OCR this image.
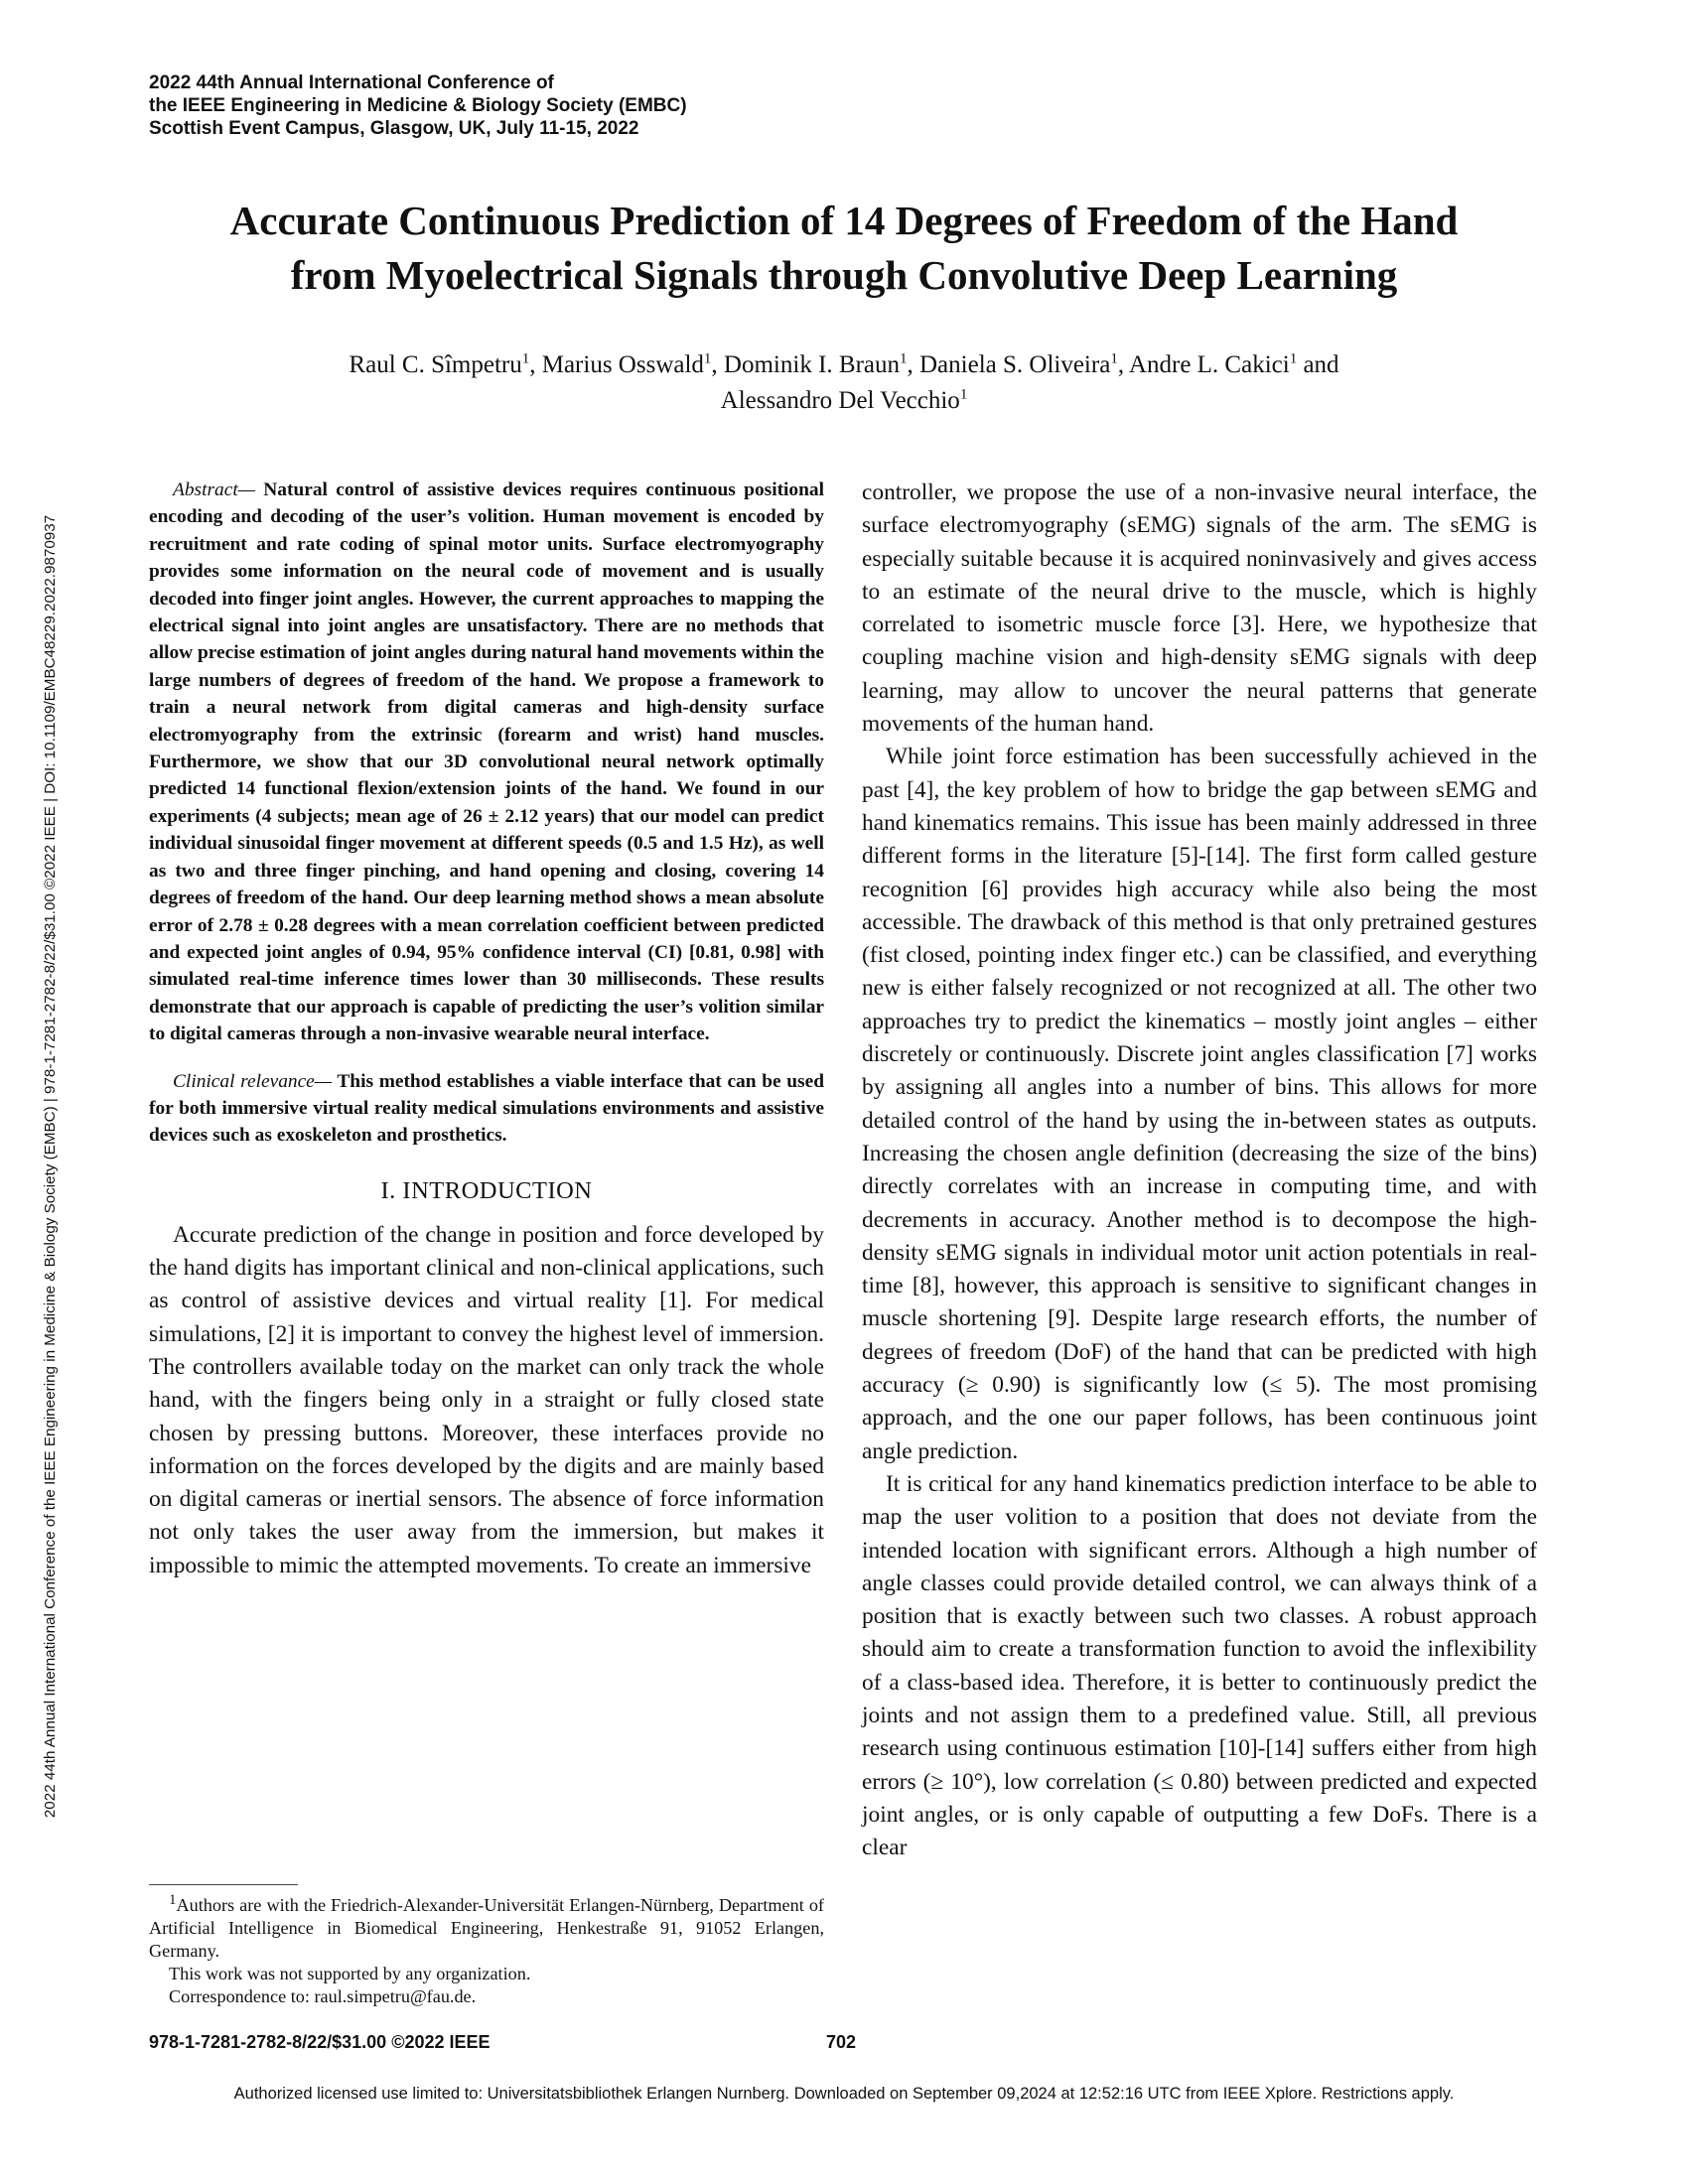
2022 44th Annual International Conference of
the IEEE Engineering in Medicine & Biology Society (EMBC)
Scottish Event Campus, Glasgow, UK, July 11-15, 2022
2022 44th Annual International Conference of the IEEE Engineering in Medicine & Biology Society (EMBC) | 978-1-7281-2782-8/22/$31.00 ©2022 IEEE | DOI: 10.1109/EMBC48229.2022.9870937
Accurate Continuous Prediction of 14 Degrees of Freedom of the Hand
from Myoelectrical Signals through Convolutive Deep Learning
Raul C. Sîmpetru$^1$, Marius Osswald$^1$, Dominik I. Braun$^1$, Daniela S. Oliveira$^1$, Andre L. Cakici$^1$ and
Alessandro Del Vecchio$^1$

Abstract— Natural control of assistive devices requires continuous positional encoding and decoding of the user’s volition. Human movement is encoded by recruitment and rate coding of spinal motor units. Surface electromyography provides some information on the neural code of movement and is usually decoded into finger joint angles. However, the current approaches to mapping the electrical signal into joint angles are unsatisfactory. There are no methods that allow precise estimation of joint angles during natural hand movements within the large numbers of degrees of freedom of the hand. We propose a framework to train a neural network from digital cameras and high-density surface electromyography from the extrinsic (forearm and wrist) hand muscles. Furthermore, we show that our 3D convolutional neural network optimally predicted 14 functional flexion/extension joints of the hand. We found in our experiments (4 subjects; mean age of 26 ± 2.12 years) that our model can predict individual sinusoidal finger movement at different speeds (0.5 and 1.5 Hz), as well as two and three finger pinching, and hand opening and closing, covering 14 degrees of freedom of the hand. Our deep learning method shows a mean absolute error of 2.78 ± 0.28 degrees with a mean correlation coefficient between predicted and expected joint angles of 0.94, 95% confidence interval (CI) [0.81, 0.98] with simulated real-time inference times lower than 30 milliseconds. These results demonstrate that our approach is capable of predicting the user’s volition similar to digital cameras through a non-invasive wearable neural interface.

Clinical relevance— This method establishes a viable interface that can be used for both immersive virtual reality medical simulations environments and assistive devices such as exoskeleton and prosthetics.

I. INTRODUCTION

Accurate prediction of the change in position and force developed by the hand digits has important clinical and non-clinical applications, such as control of assistive devices and virtual reality [1]. For medical simulations, [2] it is important to convey the highest level of immersion. The controllers available today on the market can only track the whole hand, with the fingers being only in a straight or fully closed state chosen by pressing buttons. Moreover, these interfaces provide no information on the forces developed by the digits and are mainly based on digital cameras or inertial sensors. The absence of force information not only takes the user away from the immersion, but makes it impossible to mimic the attempted movements. To create an immersive

controller, we propose the use of a non-invasive neural interface, the surface electromyography (sEMG) signals of the arm. The sEMG is especially suitable because it is acquired noninvasively and gives access to an estimate of the neural drive to the muscle, which is highly correlated to isometric muscle force [3]. Here, we hypothesize that coupling machine vision and high-density sEMG signals with deep learning, may allow to uncover the neural patterns that generate movements of the human hand.

While joint force estimation has been successfully achieved in the past [4], the key problem of how to bridge the gap between sEMG and hand kinematics remains. This issue has been mainly addressed in three different forms in the literature [5]-[14]. The first form called gesture recognition [6] provides high accuracy while also being the most accessible. The drawback of this method is that only pretrained gestures (fist closed, pointing index finger etc.) can be classified, and everything new is either falsely recognized or not recognized at all. The other two approaches try to predict the kinematics – mostly joint angles – either discretely or continuously. Discrete joint angles classification [7] works by assigning all angles into a number of bins. This allows for more detailed control of the hand by using the in-between states as outputs. Increasing the chosen angle definition (decreasing the size of the bins) directly correlates with an increase in computing time, and with decrements in accuracy. Another method is to decompose the high-density sEMG signals in individual motor unit action potentials in real-time [8], however, this approach is sensitive to significant changes in muscle shortening [9]. Despite large research efforts, the number of degrees of freedom (DoF) of the hand that can be predicted with high accuracy (≥ 0.90) is significantly low (≤ 5). The most promising approach, and the one our paper follows, has been continuous joint angle prediction.

It is critical for any hand kinematics prediction interface to be able to map the user volition to a position that does not deviate from the intended location with significant errors. Although a high number of angle classes could provide detailed control, we can always think of a position that is exactly between such two classes. A robust approach should aim to create a transformation function to avoid the inflexibility of a class-based idea. Therefore, it is better to continuously predict the joints and not assign them to a predefined value. Still, all previous research using continuous estimation [10]-[14] suffers either from high errors (≥ 10°), low correlation (≤ 0.80) between predicted and expected joint angles, or is only capable of outputting a few DoFs. There is a clear

$^1$Authors are with the Friedrich-Alexander-Universität Erlangen-Nürnberg, Department of Artificial Intelligence in Biomedical Engineering, Henkestraße 91, 91052 Erlangen, Germany.

This work was not supported by any organization.

Correspondence to: raul.simpetru@fau.de.

978-1-7281-2782-8/22/$31.00 ©2022 IEEE	702
Authorized licensed use limited to: Universitatsbibliothek Erlangen Nurnberg. Downloaded on September 09,2024 at 12:52:16 UTC from IEEE Xplore. Restrictions apply.
